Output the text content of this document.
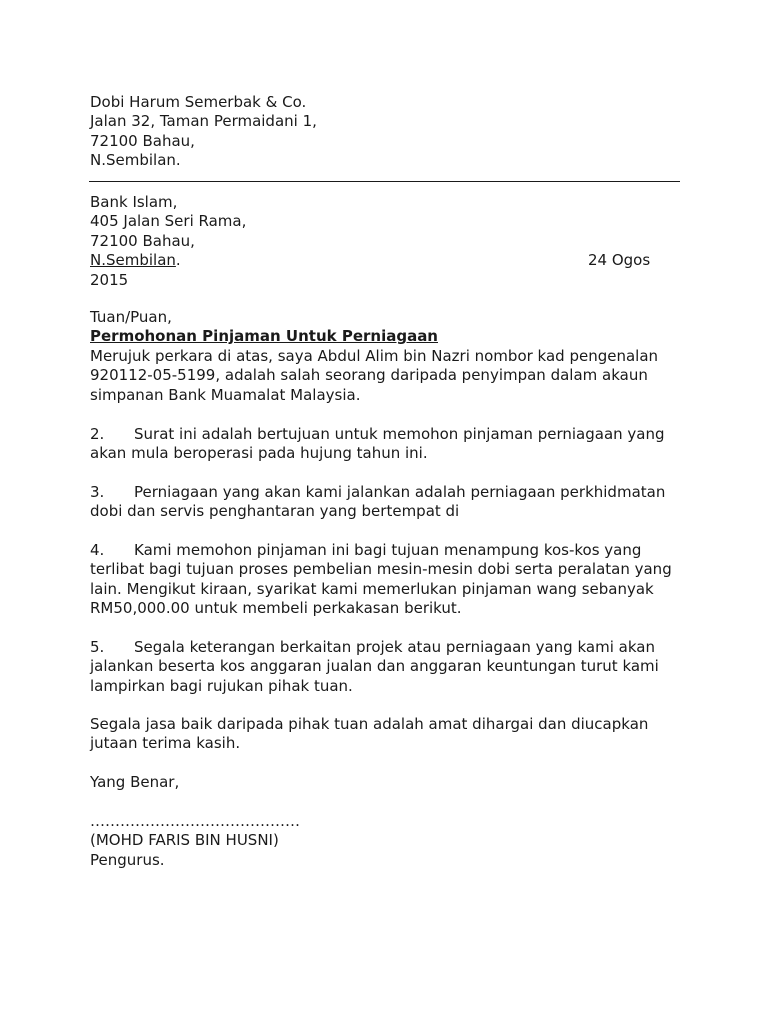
Dobi Harum Semerbak & Co.
Jalan 32, Taman Permaidani 1,
72100 Bahau,
N.Sembilan.
Bank Islam,
405 Jalan Seri Rama,
72100 Bahau,
N.Sembilan.	24 Ogos
2015
Tuan/Puan,
Permohonan Pinjaman Untuk Perniagaan
Merujuk perkara di atas, saya Abdul Alim bin Nazri nombor kad pengenalan
920112-05-5199, adalah salah seorang daripada penyimpan dalam akaun
simpanan Bank Muamalat Malaysia.
2. Surat ini adalah bertujuan untuk memohon pinjaman perniagaan yang
akan mula beroperasi pada hujung tahun ini.
3. Perniagaan yang akan kami jalankan adalah perniagaan perkhidmatan
dobi dan servis penghantaran yang bertempat di
4. Kami memohon pinjaman ini bagi tujuan menampung kos-kos yang
terlibat bagi tujuan proses pembelian mesin-mesin dobi serta peralatan yang
lain. Mengikut kiraan, syarikat kami memerlukan pinjaman wang sebanyak
RM50,000.00 untuk membeli perkakasan berikut.
5. Segala keterangan berkaitan projek atau perniagaan yang kami akan
jalankan beserta kos anggaran jualan dan anggaran keuntungan turut kami
lampirkan bagi rujukan pihak tuan.
Segala jasa baik daripada pihak tuan adalah amat dihargai dan diucapkan
jutaan terima kasih.
Yang Benar,

……………………………………
(MOHD FARIS BIN HUSNI)
Pengurus.
